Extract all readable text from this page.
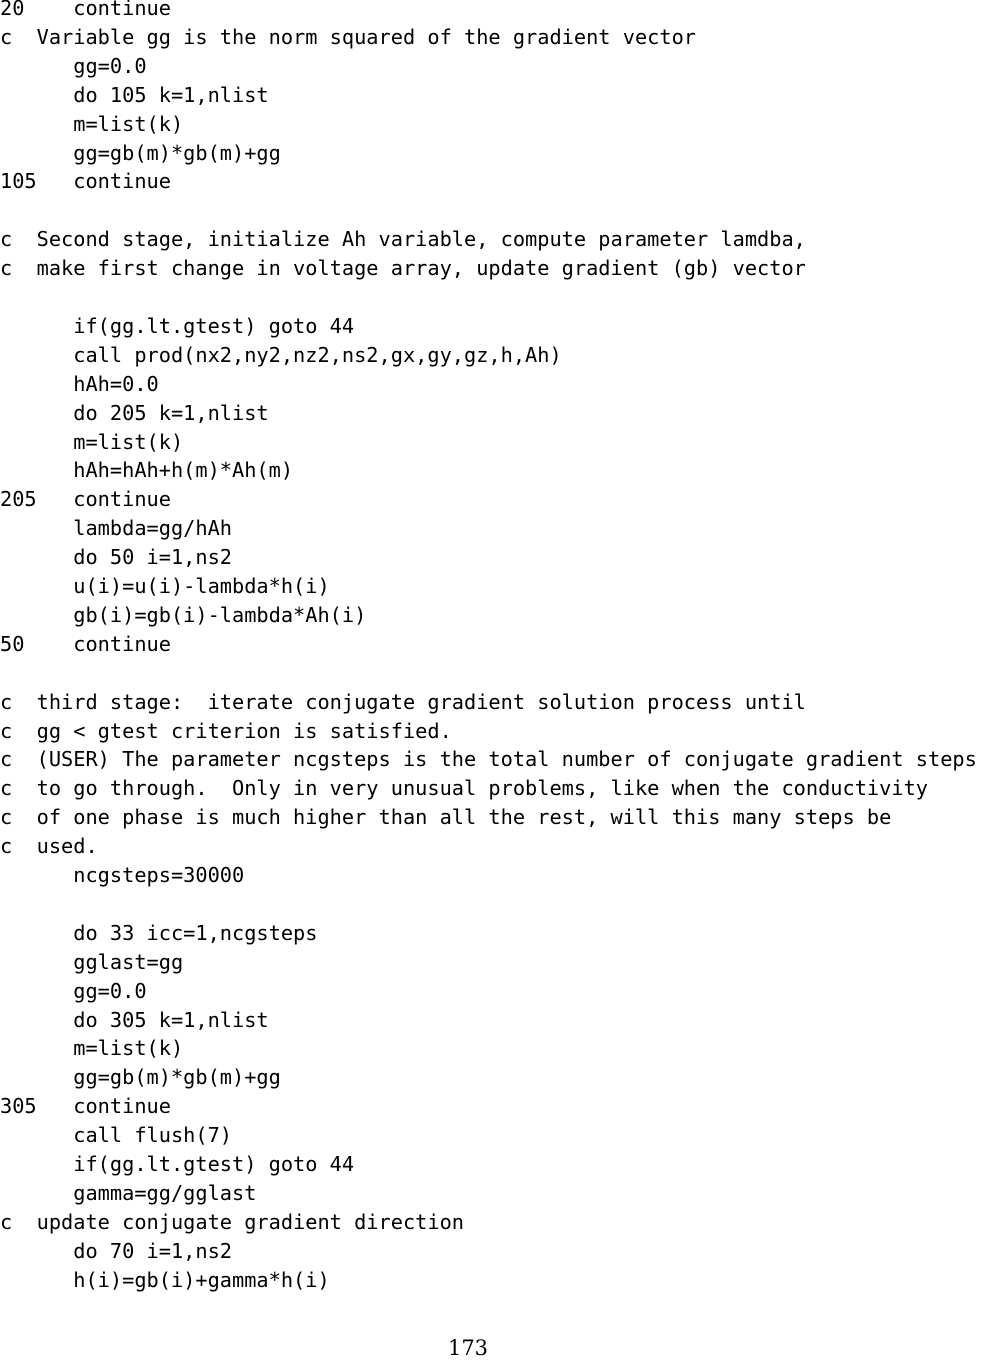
20    continue
c  Variable gg is the norm squared of the gradient vector
gg=0.0
do 105 k=1,nlist
m=list(k)
gg=gb(m)*gb(m)+gg
105   continue
c  Second stage, initialize Ah variable, compute parameter lamdba,
c  make first change in voltage array, update gradient (gb) vector
if(gg.lt.gtest) goto 44
call prod(nx2,ny2,nz2,ns2,gx,gy,gz,h,Ah)
hAh=0.0
do 205 k=1,nlist
m=list(k)
hAh=hAh+h(m)*Ah(m)
205   continue
lambda=gg/hAh
do 50 i=1,ns2
u(i)=u(i)-lambda*h(i)
gb(i)=gb(i)-lambda*Ah(i)
50    continue
c  third stage:  iterate conjugate gradient solution process until
c  gg < gtest criterion is satisfied.
c  (USER) The parameter ncgsteps is the total number of conjugate gradient steps
c  to go through.  Only in very unusual problems, like when the conductivity
c  of one phase is much higher than all the rest, will this many steps be
c  used.
ncgsteps=30000
do 33 icc=1,ncgsteps
gglast=gg
gg=0.0
do 305 k=1,nlist
m=list(k)
gg=gb(m)*gb(m)+gg
305   continue
call flush(7)
if(gg.lt.gtest) goto 44
gamma=gg/gglast
c  update conjugate gradient direction
do 70 i=1,ns2
h(i)=gb(i)+gamma*h(i)
173
